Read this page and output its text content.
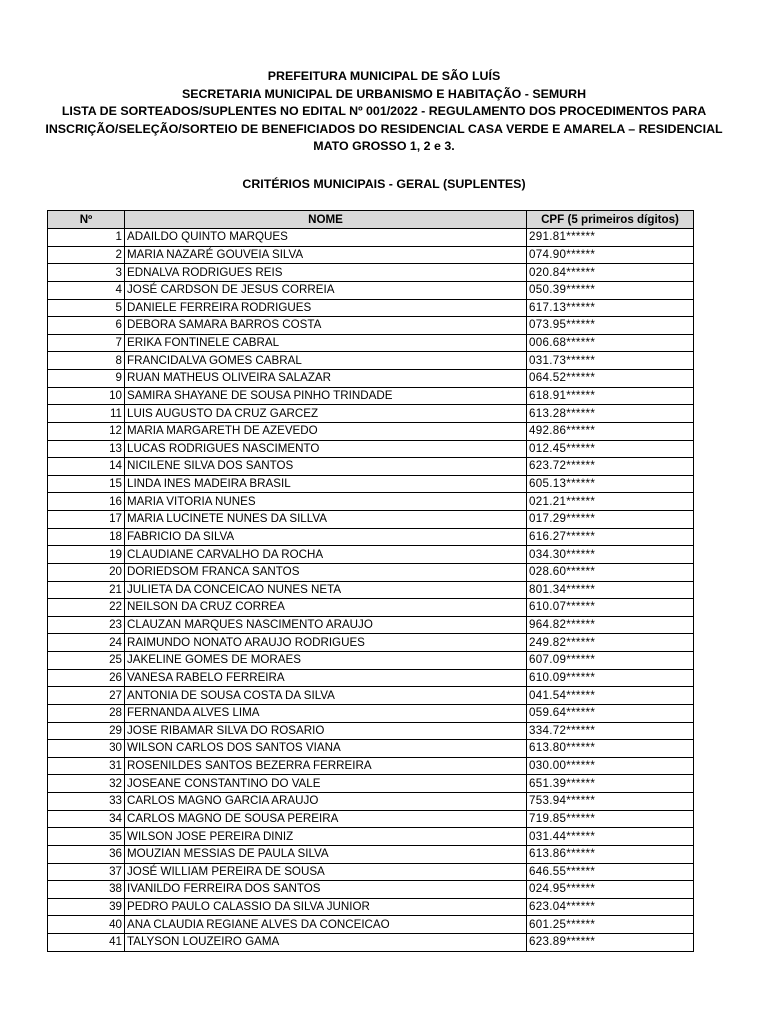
PREFEITURA MUNICIPAL DE SÃO LUÍS
SECRETARIA MUNICIPAL DE URBANISMO E HABITAÇÃO - SEMURH
LISTA DE SORTEADOS/SUPLENTES NO EDITAL Nº 001/2022 - REGULAMENTO DOS PROCEDIMENTOS PARA
INSCRIÇÃO/SELEÇÃO/SORTEIO DE BENEFICIADOS DO RESIDENCIAL CASA VERDE E AMARELA – RESIDENCIAL
MATO GROSSO 1, 2 e 3.
CRITÉRIOS MUNICIPAIS - GERAL (SUPLENTES)
Nº	NOME	CPF (5 primeiros dígitos)
1	ADAILDO QUINTO MARQUES	291.81******
2	MARIA NAZARÉ GOUVEIA SILVA	074.90******
3	EDNALVA RODRIGUES REIS	020.84******
4	JOSÉ CARDSON DE JESUS CORREIA	050.39******
5	DANIELE FERREIRA RODRIGUES	617.13******
6	DEBORA SAMARA BARROS COSTA	073.95******
7	ERIKA FONTINELE CABRAL	006.68******
8	FRANCIDALVA GOMES CABRAL	031.73******
9	RUAN MATHEUS OLIVEIRA SALAZAR	064.52******
10	SAMIRA SHAYANE DE SOUSA PINHO TRINDADE	618.91******
11	LUIS AUGUSTO DA CRUZ GARCEZ	613.28******
12	MARIA MARGARETH DE AZEVEDO	492.86******
13	LUCAS RODRIGUES NASCIMENTO	012.45******
14	NICILENE SILVA DOS SANTOS	623.72******
15	LINDA INES MADEIRA BRASIL	605.13******
16	MARIA VITORIA NUNES	021.21******
17	MARIA LUCINETE NUNES DA SILLVA	017.29******
18	FABRICIO DA SILVA	616.27******
19	CLAUDIANE CARVALHO DA ROCHA	034.30******
20	DORIEDSOM FRANCA SANTOS	028.60******
21	JULIETA DA CONCEICAO NUNES NETA	801.34******
22	NEILSON DA CRUZ CORREA	610.07******
23	CLAUZAN MARQUES NASCIMENTO ARAUJO	964.82******
24	RAIMUNDO NONATO ARAUJO RODRIGUES	249.82******
25	JAKELINE GOMES DE MORAES	607.09******
26	VANESA RABELO FERREIRA	610.09******
27	ANTONIA DE SOUSA COSTA DA SILVA	041.54******
28	FERNANDA ALVES LIMA	059.64******
29	JOSE RIBAMAR SILVA DO ROSARIO	334.72******
30	WILSON CARLOS DOS SANTOS VIANA	613.80******
31	ROSENILDES SANTOS BEZERRA FERREIRA	030.00******
32	JOSEANE CONSTANTINO DO VALE	651.39******
33	CARLOS MAGNO GARCIA ARAUJO	753.94******
34	CARLOS MAGNO DE SOUSA PEREIRA	719.85******
35	WILSON JOSE PEREIRA DINIZ	031.44******
36	MOUZIAN MESSIAS DE PAULA SILVA	613.86******
37	JOSÉ WILLIAM PEREIRA DE SOUSA	646.55******
38	IVANILDO FERREIRA DOS SANTOS	024.95******
39	PEDRO PAULO CALASSIO DA SILVA JUNIOR	623.04******
40	ANA CLAUDIA REGIANE ALVES DA CONCEICAO	601.25******
41	TALYSON LOUZEIRO GAMA	623.89******
